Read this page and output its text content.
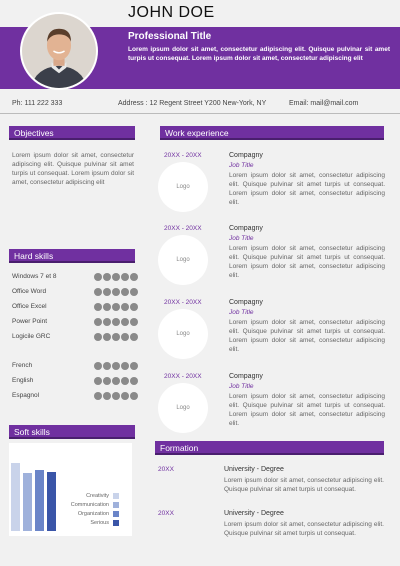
JOHN DOE
Professional Title
Lorem ipsum dolor sit amet, consectetur adipiscing elit. Quisque pulvinar sit amet turpis ut consequat. Lorem ipsum dolor sit amet, consectetur adipiscing elit
Ph: 111 222 333	Address : 12 Regent Street Y200 New-York, NY	Email: mail@mail.com
Objectives
Lorem ipsum dolor sit amet, consectetur adipiscing elit. Quisque pulvinar sit amet turpis ut consequat. Lorem ipsum dolor sit amet, consectetur adipiscing elit
Hard skills
Windows 7 et 8
Office Word
Office Excel
Power Point
Logicile GRC
French
English
Espagnol
Soft skills
Creativity
Communication
Organization
Serious
Work experience
20XX - 20XX
Logo
Compagny
Job Title
Lorem ipsum dolor sit amet, consectetur adipiscing elit. Quisque pulvinar sit amet turpis ut consequat. Lorem ipsum dolor sit amet, consectetur adipiscing elit.
20XX - 20XX
Logo
Compagny
Job Title
Lorem ipsum dolor sit amet, consectetur adipiscing elit. Quisque pulvinar sit amet turpis ut consequat. Lorem ipsum dolor sit amet, consectetur adipiscing elit.
20XX - 20XX
Logo
Compagny
Job Title
Lorem ipsum dolor sit amet, consectetur adipiscing elit. Quisque pulvinar sit amet turpis ut consequat. Lorem ipsum dolor sit amet, consectetur adipiscing elit.
20XX - 20XX
Logo
Compagny
Job Title
Lorem ipsum dolor sit amet, consectetur adipiscing elit. Quisque pulvinar sit amet turpis ut consequat. Lorem ipsum dolor sit amet, consectetur adipiscing elit.
Formation
20XX	University - Degree
Lorem ipsum dolor sit amet, consectetur adipiscing elit. Quisque pulvinar sit amet turpis ut consequat.
20XX	University - Degree
Lorem ipsum dolor sit amet, consectetur adipiscing elit. Quisque pulvinar sit amet turpis ut consequat.
